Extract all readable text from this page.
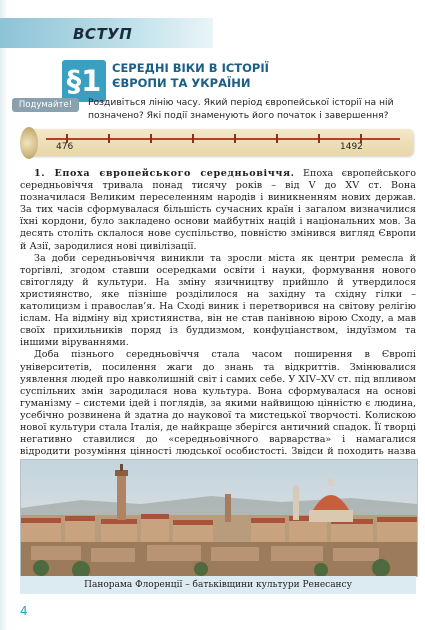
ВСТУП
§1 СЕРЕДНІ ВІКИ В ІСТОРІЇ ЄВРОПИ ТА УКРАЇНИ
Подумайте!	Роздивіться лінію часу. Який період європейської історії на ній позначено? Які події знаменують його початок і завершення?
476	1492

1. Епоха європейського середньовіччя. Епоха європейського середньовіччя тривала понад тисячу років – від V до XV ст. Вона позначилася Великим переселенням народів і виникненням нових держав. За тих часів сформувалася більшість сучасних країн і загалом визначилися їхні кордони, було закладено основи майбутніх націй і національних мов. За десять століть склалося нове суспільство, повністю змінився вигляд Європи й Азії, зародилися нові цивілізації.

За доби середньовіччя виникли та зросли міста як центри ремесла й торгівлі, згодом ставши осередками освіти і науки, формування нового світогляду й культури. На зміну язичництву прийшло й утвердилося християнство, яке пізніше розділилося на західну та східну гілки – католицизм і православ’я. На Сході виник і перетворився на світову релігію іслам. На відміну від християнства, він не став панівною вірою Сходу, а мав своїх прихильників поряд із буддизмом, конфуціанством, індуїзмом та іншими віруваннями.

Доба пізнього середньовіччя стала часом поширення в Європі університетів, посилення жаги до знань та відкриттів. Змінювалися уявлення людей про навколишній світ і самих себе. У XIV–XV ст. під впливом суспільних змін зародилася нова культура. Вона сформувалася на основі гуманізму – системи ідей і поглядів, за якими найвищою цінністю є людина, усебічно розвинена й здатна до наукової та мистецької творчості. Колискою нової культури стала Італія, де найкраще зберігся античний спадок. Її творці негативно ставилися до «середньовічного варварства» і намагалися відродити розуміння цінності людської особистості. Звідси й походить назва

Панорама Флоренції – батьківщини культури Ренесансу
4
